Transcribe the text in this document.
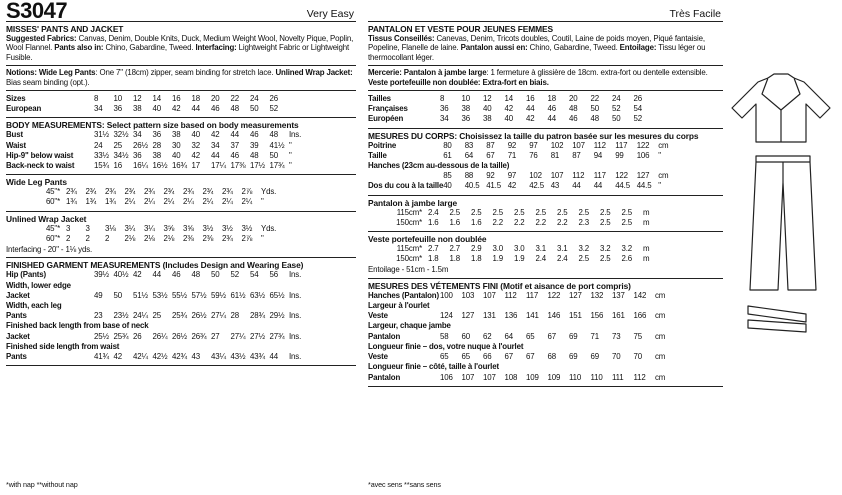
S3047	Very Easy
MISSES' PANTS AND JACKET
Suggested Fabrics: Canvas, Denim, Double Knits, Duck, Medium Weight Wool, Novelty Pique, Poplin, Wool Flannel. Pants also in: Chino, Gabardine, Tweed. Interfacing: Lightweight Fabric or Lightweight Fusible.
Notions: Wide Leg Pants: One 7" (18cm) zipper, seam binding for stretch lace. Unlined Wrap Jacket: Bias seam binding (opt.).
Sizes	8	10	12	14	16	18	20	22	24	26
European	34	36	38	40	42	44	46	48	50	52
BODY MEASUREMENTS: Select pattern size based on body measurements
Bust	31½	32½	34	36	38	40	42	44	46	48	Ins.
Waist	24	25	26½	28	30	32	34	37	39	41½	"
Hip-9" below waist	33½	34½	36	38	40	42	44	46	48	50	"
Back-neck to waist	15¾	16	16¼	16½	16¾	17	17¼	17⅜	17½	17¾	"
Wide Leg Pants
45"*	2¾	2¾	2¾	2¾	2¾	2¾	2¾	2¾	2¾	2⅞	Yds.
60"*	1¾	1¾	1¾	2¼	2¼	2¼	2¼	2¼	2¼	2¼	"
Unlined Wrap Jacket
45"*	3	3	3⅛	3¼	3¼	3⅝	3⅝	3½	3½	3½	Yds.
60"*	2	2	2	2⅛	2⅛	2⅛	2⅜	2⅜	2¾	2⅞	"
Interfacing - 20" - 1⅛ yds.
FINISHED GARMENT MEASUREMENTS (Includes Design and Wearing Ease)
Hip (Pants)	39½	40½	42	44	46	48	50	52	54	56	Ins.
Width, lower edge											
Jacket	49	50	51½	53½	55½	57½	59½	61½	63½	65½	Ins.
Width, each leg											
Pants	23	23½	24¼	25	25¾	26½	27¼	28	28¾	29½	Ins.
Finished back length from base of neck											
Jacket	25½	25¾	26	26¼	26½	26¾	27	27¼	27½	27¾	Ins.
Finished side length from waist											
Pants	41¾	42	42¼	42½	42¾	43	43¼	43½	43¾	44	Ins.
*with nap **without nap
Très Facile
PANTALON ET VESTE POUR JEUNES FEMMES
Tissus Conseillés: Canevas, Denim, Tricots doubles, Coutil, Laine de poids moyen, Piqué fantaisie, Popeline, Flanelle de laine. Pantalon aussi en: Chino, Gabardine, Tweed. Entoilage: Tissu léger ou thermocollant léger.
Mercerie: Pantalon à jambe large: 1 fermeture à glissière de 18cm. extra-fort ou dentelle extensible. Veste portefeuille non doublée: Extra-fort en biais.
Tailles	8	10	12	14	16	18	20	22	24	26
Françaises	36	38	40	42	44	46	48	50	52	54
Européen	34	36	38	40	42	44	46	48	50	52
MESURES DU CORPS: Choisissez la taille du patron basée sur les mesures du corps
Poitrine	80	83	87	92	97	102	107	112	117	122	cm
Taille	61	64	67	71	76	81	87	94	99	106	"
Hanches (23cm au-dessous de la taille)											
	85	88	92	97	102	107	112	117	122	127	cm
Dos du cou à la taille	40	40.5	41.5	42	42.5	43	44	44	44.5	44.5	"
Pantalon à jambe large
115cm*	2.4	2.5	2.5	2.5	2.5	2.5	2.5	2.5	2.5	2.5	m
150cm*	1.6	1.6	1.6	2.2	2.2	2.2	2.2	2.3	2.5	2.5	m
Veste portefeuille non doublée
115cm*	2.7	2.7	2.9	3.0	3.0	3.1	3.1	3.2	3.2	3.2	m
150cm*	1.8	1.8	1.8	1.9	1.9	2.4	2.4	2.5	2.5	2.6	m
Entoilage - 51cm - 1.5m
MESURES DES VÉTEMENTS FINI (Motif et aisance de port compris)
Hanches (Pantalon)	100	103	107	112	117	122	127	132	137	142	cm
Largeur à l'ourlet											
Veste	124	127	131	136	141	146	151	156	161	166	cm
Largeur, chaque jambe											
Pantalon	58	60	62	64	65	67	69	71	73	75	cm
Longueur finie – dos, votre nuque à l'ourlet											
Veste	65	65	66	67	67	68	69	69	70	70	cm
Longueur finie – côté, taille à l'ourlet											
Pantalon	106	107	107	108	109	109	110	110	111	112	cm
*avec sens **sans sens
